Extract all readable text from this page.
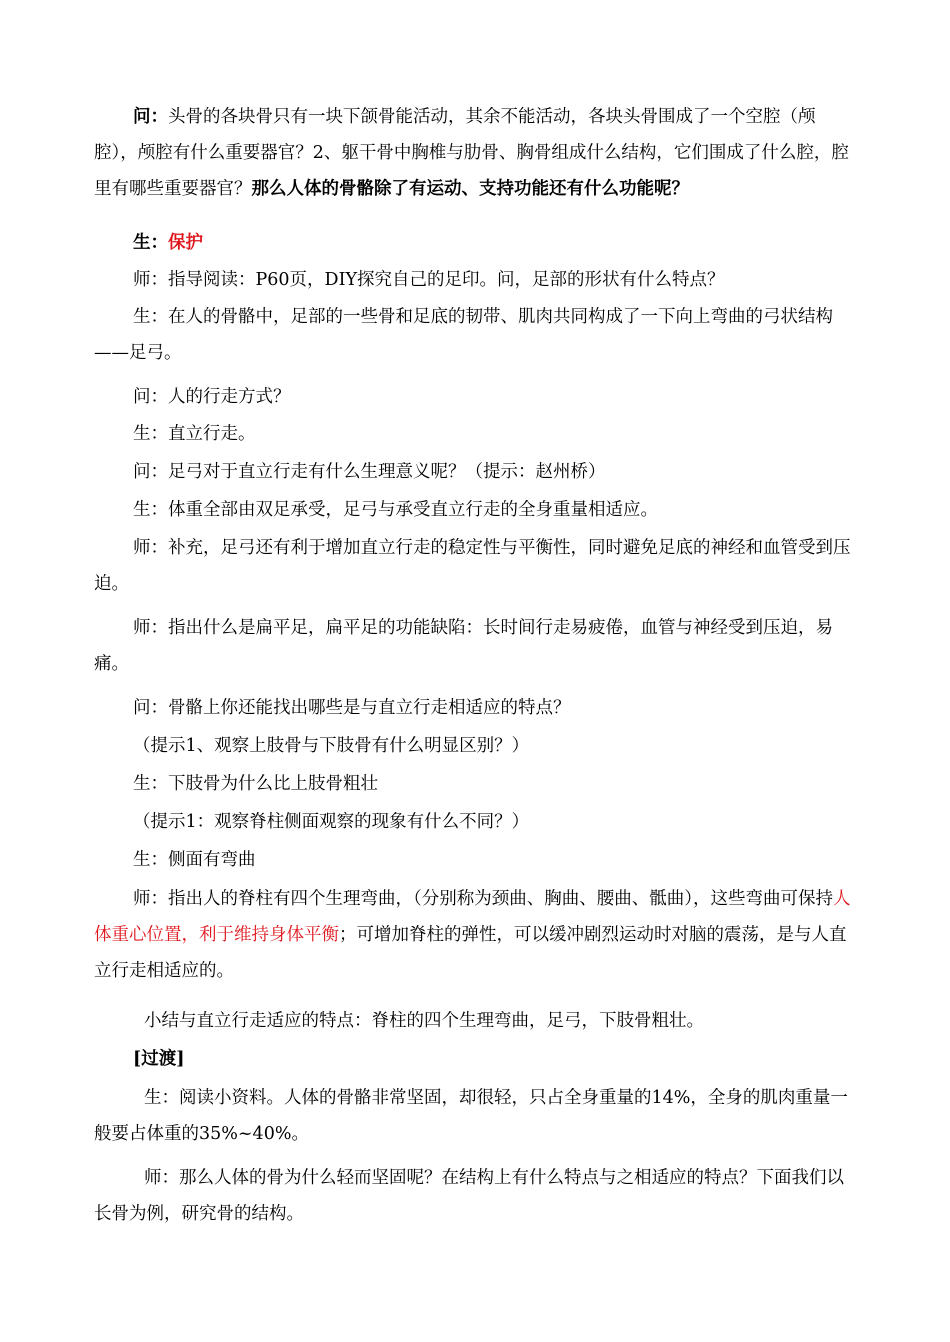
问：头骨的各块骨只有一块下颌骨能活动，其余不能活动，各块头骨围成了一个空腔（颅腔），颅腔有什么重要器官？2、躯干骨中胸椎与肋骨、胸骨组成什么结构，它们围成了什么腔，腔里有哪些重要器官？那么人体的骨骼除了有运动、支持功能还有什么功能呢？

生：保护

师：指导阅读：P60页，DIY探究自己的足印。问，足部的形状有什么特点？

生：在人的骨骼中，足部的一些骨和足底的韧带、肌肉共同构成了一下向上弯曲的弓状结构——足弓。

问：人的行走方式？

生：直立行走。

问：足弓对于直立行走有什么生理意义呢？（提示：赵州桥）

生：体重全部由双足承受，足弓与承受直立行走的全身重量相适应。

师：补充，足弓还有利于增加直立行走的稳定性与平衡性，同时避免足底的神经和血管受到压迫。

师：指出什么是扁平足，扁平足的功能缺陷：长时间行走易疲倦，血管与神经受到压迫，易痛。

问：骨骼上你还能找出哪些是与直立行走相适应的特点？

（提示1、观察上肢骨与下肢骨有什么明显区别？）

生：下肢骨为什么比上肢骨粗壮

（提示1：观察脊柱侧面观察的现象有什么不同？）

生：侧面有弯曲

师：指出人的脊柱有四个生理弯曲，（分别称为颈曲、胸曲、腰曲、骶曲），这些弯曲可保持人体重心位置，利于维持身体平衡；可增加脊柱的弹性，可以缓冲剧烈运动时对脑的震荡，是与人直立行走相适应的。

小结与直立行走适应的特点：脊柱的四个生理弯曲，足弓，下肢骨粗壮。

[过渡]

生：阅读小资料。人体的骨骼非常坚固，却很轻，只占全身重量的14%，全身的肌肉重量一般要占体重的35%~40%。

师：那么人体的骨为什么轻而坚固呢？在结构上有什么特点与之相适应的特点？下面我们以长骨为例，研究骨的结构。
